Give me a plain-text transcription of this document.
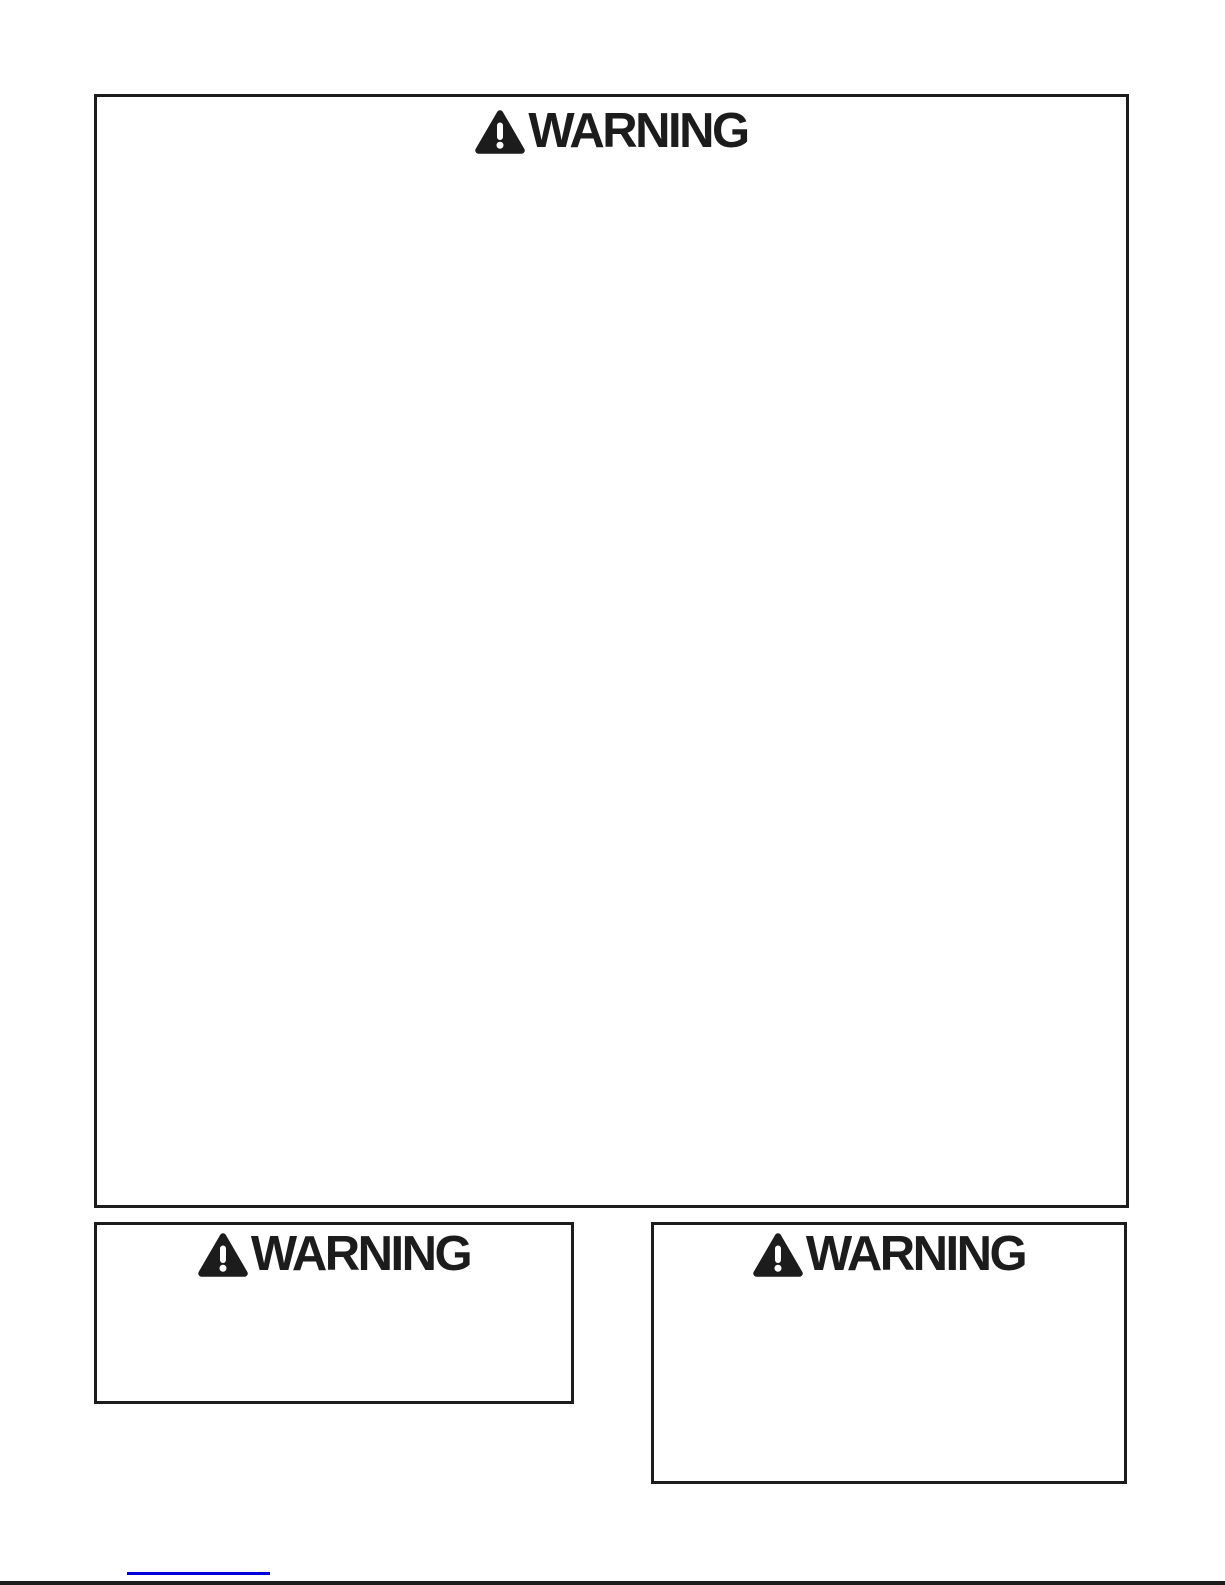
WARNING
WARNING	WARNING
